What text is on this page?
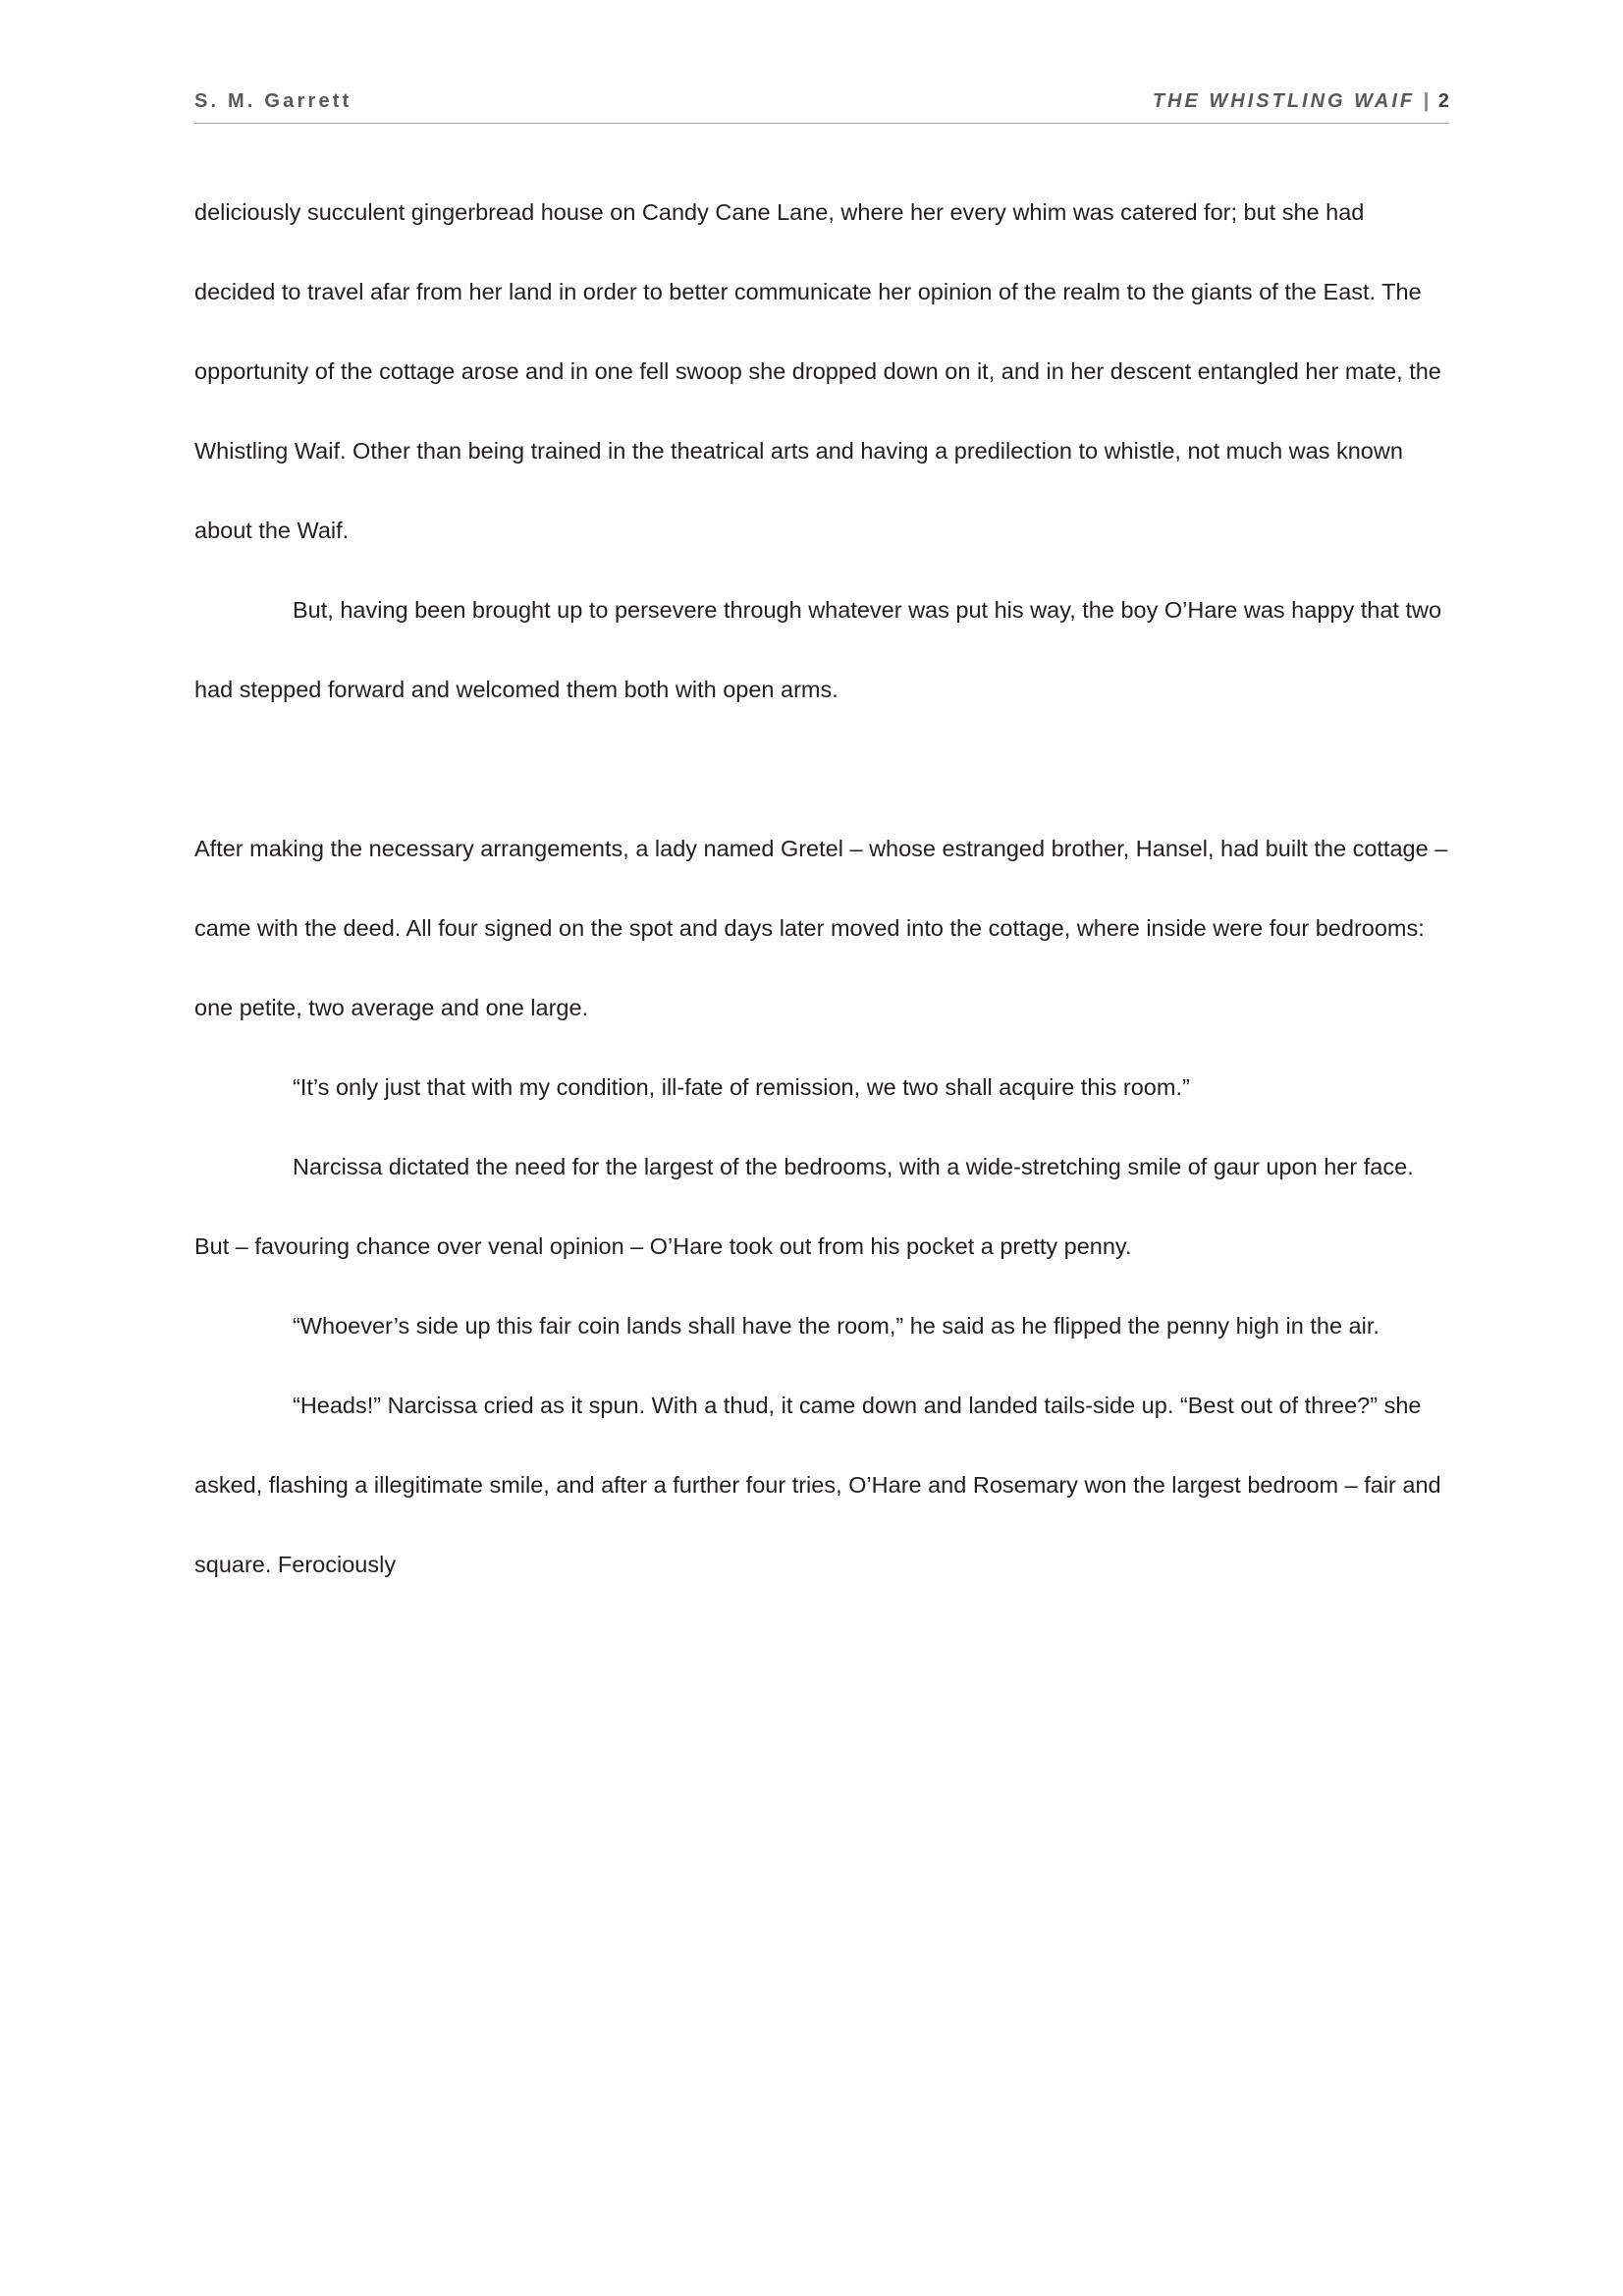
S. M. Garrett	THE WHISTLING WAIF | 2

deliciously succulent gingerbread house on Candy Cane Lane, where her every whim was catered for; but she had decided to travel afar from her land in order to better communicate her opinion of the realm to the giants of the East. The opportunity of the cottage arose and in one fell swoop she dropped down on it, and in her descent entangled her mate, the Whistling Waif. Other than being trained in the theatrical arts and having a predilection to whistle, not much was known about the Waif.

But, having been brought up to persevere through whatever was put his way, the boy O’Hare was happy that two had stepped forward and welcomed them both with open arms.

After making the necessary arrangements, a lady named Gretel – whose estranged brother, Hansel, had built the cottage – came with the deed. All four signed on the spot and days later moved into the cottage, where inside were four bedrooms: one petite, two average and one large.

“It’s only just that with my condition, ill-fate of remission, we two shall acquire this room.”

Narcissa dictated the need for the largest of the bedrooms, with a wide-stretching smile of gaur upon her face. But – favouring chance over venal opinion – O’Hare took out from his pocket a pretty penny.

“Whoever’s side up this fair coin lands shall have the room,” he said as he flipped the penny high in the air.

“Heads!” Narcissa cried as it spun. With a thud, it came down and landed tails-side up. “Best out of three?” she asked, flashing a illegitimate smile, and after a further four tries, O’Hare and Rosemary won the largest bedroom – fair and square. Ferociously
